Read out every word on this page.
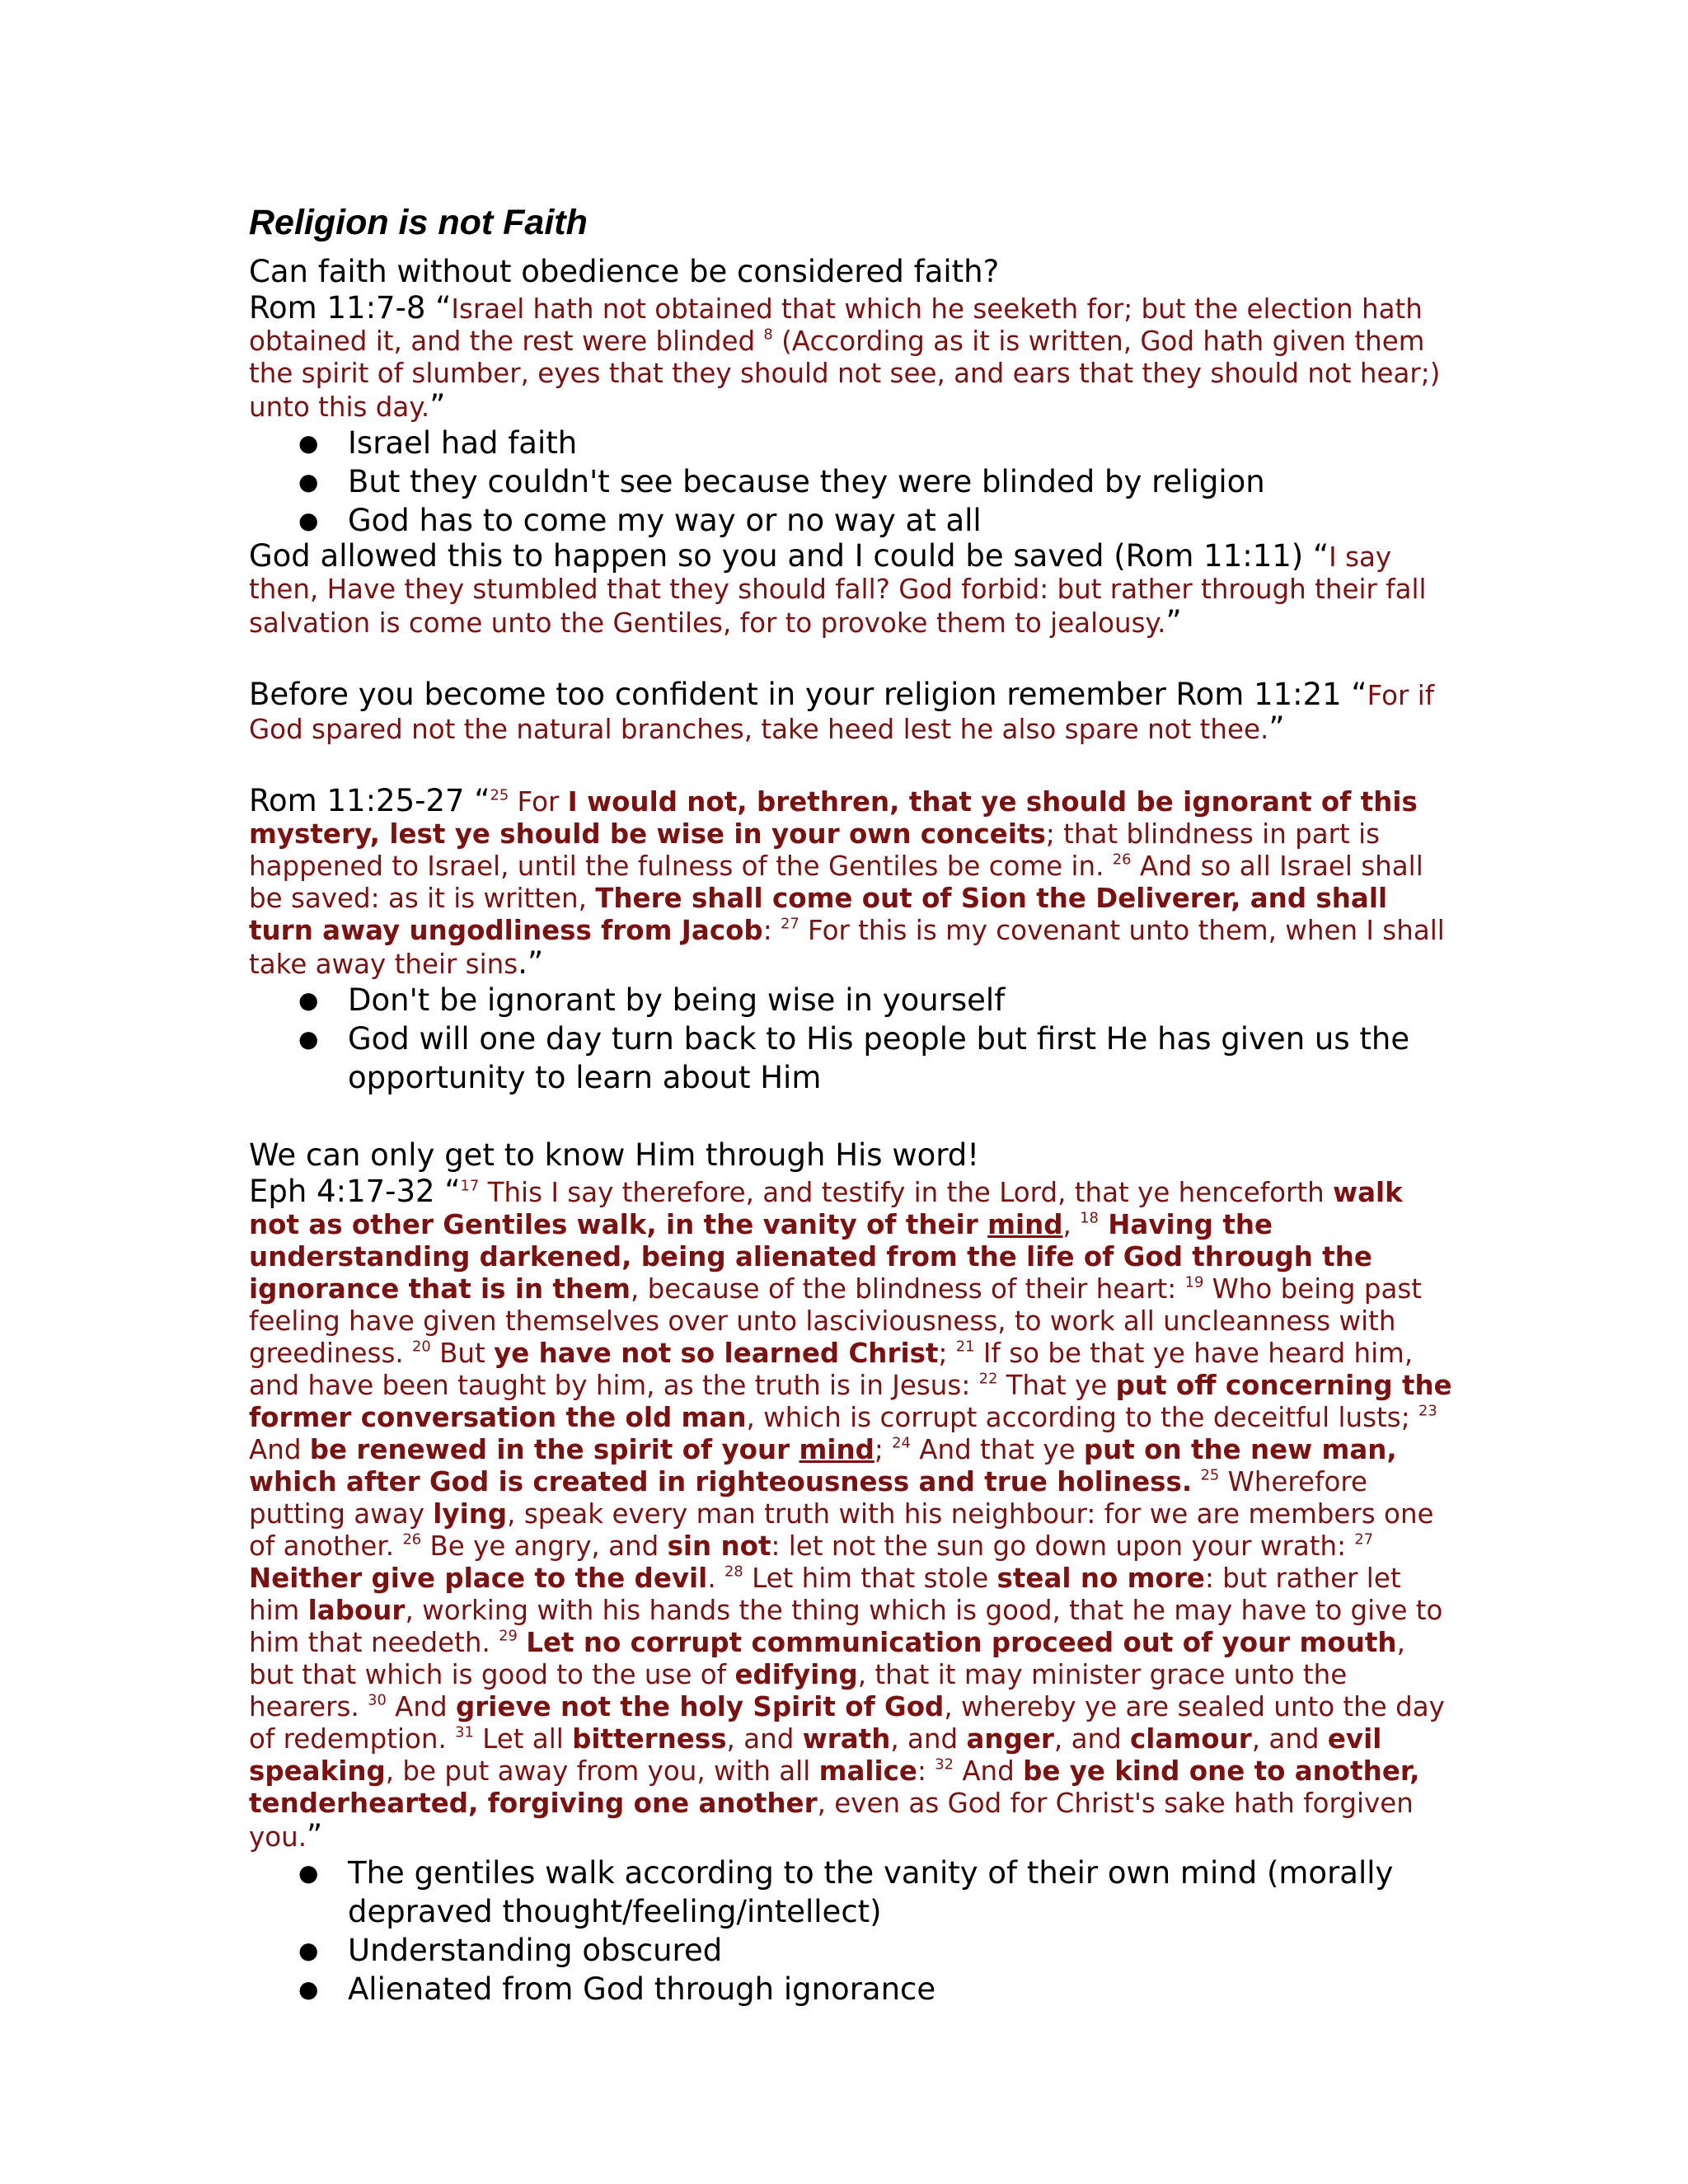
Religion is not Faith
Can faith without obedience be considered faith?

Rom 11:7-8 “Israel hath not obtained that which he seeketh for; but the election hath obtained it, and the rest were blinded $^8$ (According as it is written, God hath given them the spirit of slumber, eyes that they should not see, and ears that they should not hear;) unto this day.”

● Israel had faith
● But they couldn't see because they were blinded by religion
● God has to come my way or no way at all

God allowed this to happen so you and I could be saved (Rom 11:11) “I say then, Have they stumbled that they should fall? God forbid: but rather through their fall salvation is come unto the Gentiles, for to provoke them to jealousy.”

Before you become too confident in your religion remember Rom 11:21 “For if God spared not the natural branches, take heed lest he also spare not thee.”

Rom 11:25-27 “$^{25}$ For I would not, brethren, that ye should be ignorant of this mystery, lest ye should be wise in your own conceits; that blindness in part is happened to Israel, until the fulness of the Gentiles be come in. $^{26}$ And so all Israel shall be saved: as it is written, There shall come out of Sion the Deliverer, and shall turn away ungodliness from Jacob: $^{27}$ For this is my covenant unto them, when I shall take away their sins.”

● Don't be ignorant by being wise in yourself
● God will one day turn back to His people but first He has given us the opportunity to learn about Him
We can only get to know Him through His word!

Eph 4:17-32 “$^{17}$ This I say therefore, and testify in the Lord, that ye henceforth walk not as other Gentiles walk, in the vanity of their mind, $^{18}$ Having the understanding darkened, being alienated from the life of God through the ignorance that is in them, because of the blindness of their heart: $^{19}$ Who being past feeling have given themselves over unto lasciviousness, to work all uncleanness with greediness. $^{20}$ But ye have not so learned Christ; $^{21}$ If so be that ye have heard him, and have been taught by him, as the truth is in Jesus: $^{22}$ That ye put off concerning the former conversation the old man, which is corrupt according to the deceitful lusts; $^{23}$ And be renewed in the spirit of your mind; $^{24}$ And that ye put on the new man, which after God is created in righteousness and true holiness. $^{25}$ Wherefore putting away lying, speak every man truth with his neighbour: for we are members one of another. $^{26}$ Be ye angry, and sin not: let not the sun go down upon your wrath: $^{27}$ Neither give place to the devil. $^{28}$ Let him that stole steal no more: but rather let him labour, working with his hands the thing which is good, that he may have to give to him that needeth. $^{29}$ Let no corrupt communication proceed out of your mouth, but that which is good to the use of edifying, that it may minister grace unto the hearers. $^{30}$ And grieve not the holy Spirit of God, whereby ye are sealed unto the day of redemption. $^{31}$ Let all bitterness, and wrath, and anger, and clamour, and evil speaking, be put away from you, with all malice: $^{32}$ And be ye kind one to another, tenderhearted, forgiving one another, even as God for Christ's sake hath forgiven you.”

● The gentiles walk according to the vanity of their own mind (morally depraved thought/feeling/intellect)
● Understanding obscured
● Alienated from God through ignorance
